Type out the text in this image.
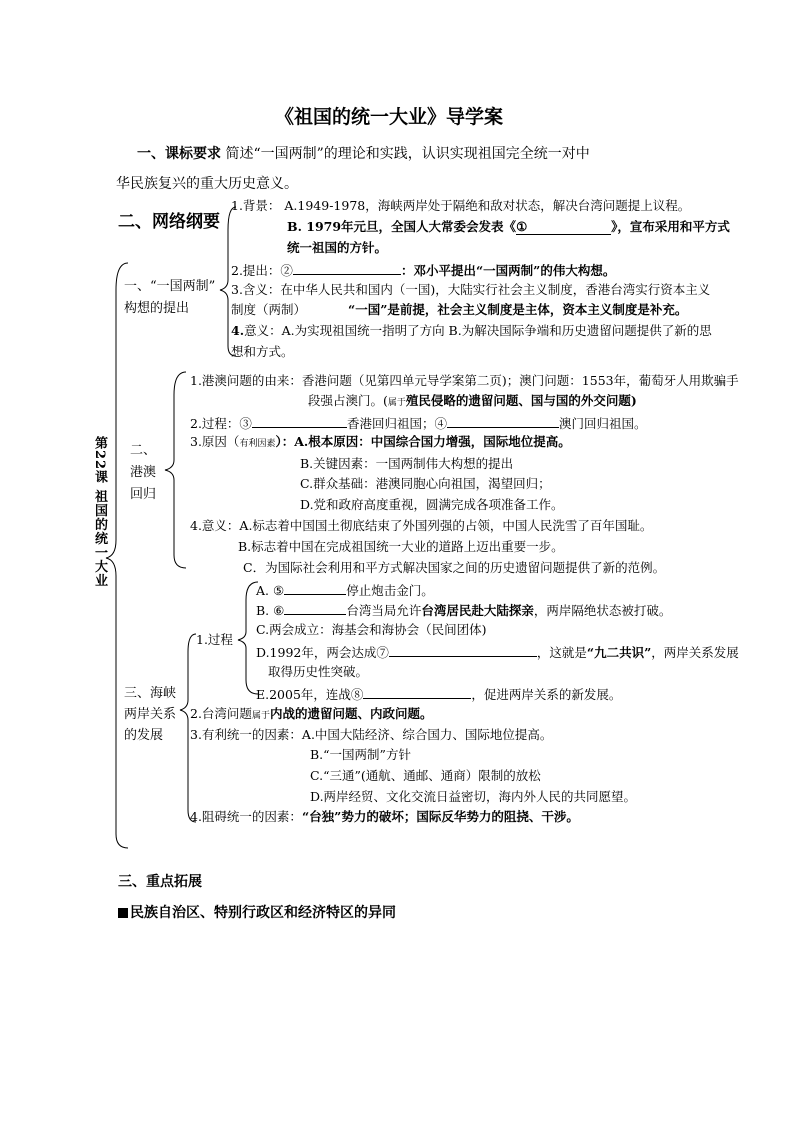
《祖国的统一大业》导学案
一、课标要求 简述“一国两制”的理论和实践，认识实现祖国完全统一对中
华民族复兴的重大历史意义。
二、网络纲要
第22课 祖国的统一大业
一、“一国两制”
构想的提出
1.背景： A.1949-1978，海峡两岸处于隔绝和敌对状态，解决台湾问题提上议程。
B. 1979年元旦，全国人大常委会发表《①	》，宣布采用和平方式
统一祖国的方针。
2.提出：②	：邓小平提出“一国两制”的伟大构想。
3.含义：在中华人民共和国内（一国)，大陆实行社会主义制度，香港台湾实行资本主义
制度（两制）	“一国”是前提，社会主义制度是主体，资本主义制度是补充。
4.意义：A.为实现祖国统一指明了方向 B.为解决国际争端和历史遗留问题提供了新的思
想和方式。
二、
港澳
回归
1.港澳问题的由来：香港问题（见第四单元导学案第二页)；澳门问题：1553年，葡萄牙人用欺骗手
段强占澳门。(属于殖民侵略的遗留问题、国与国的外交问题)
2.过程：③	香港回归祖国；④	澳门回归祖国。
3.原因（有利因素）：A.根本原因：中国综合国力增强，国际地位提高。
B.关键因素：一国两制伟大构想的提出
C.群众基础：港澳同胞心向祖国，渴望回归；
D.党和政府高度重视，圆满完成各项准备工作。
4.意义：A.标志着中国国土彻底结束了外国列强的占领，中国人民洗雪了百年国耻。
B.标志着中国在完成祖国统一大业的道路上迈出重要一步。
C．为国际社会利用和平方式解决国家之间的历史遗留问题提供了新的范例。
三、海峡
两岸关系
的发展
1.过程
A. ⑤	停止炮击金门。
B. ⑥	台湾当局允许台湾居民赴大陆探亲，两岸隔绝状态被打破。
C.两会成立：海基会和海协会（民间团体)
D.1992年，两会达成⑦	，这就是“九二共识”，两岸关系发展
取得历史性突破。
E.2005年，连战⑧	，促进两岸关系的新发展。
2.台湾问题属于内战的遗留问题、内政问题。
3.有利统一的因素：A.中国大陆经济、综合国力、国际地位提高。
B.“一国两制”方针
C.“三通”(通航、通邮、通商）限制的放松
D.两岸经贸、文化交流日益密切，海内外人民的共同愿望。
4.阻碍统一的因素：“台独”势力的破坏；国际反华势力的阻挠、干涉。
三、重点拓展
民族自治区、特别行政区和经济特区的异同
